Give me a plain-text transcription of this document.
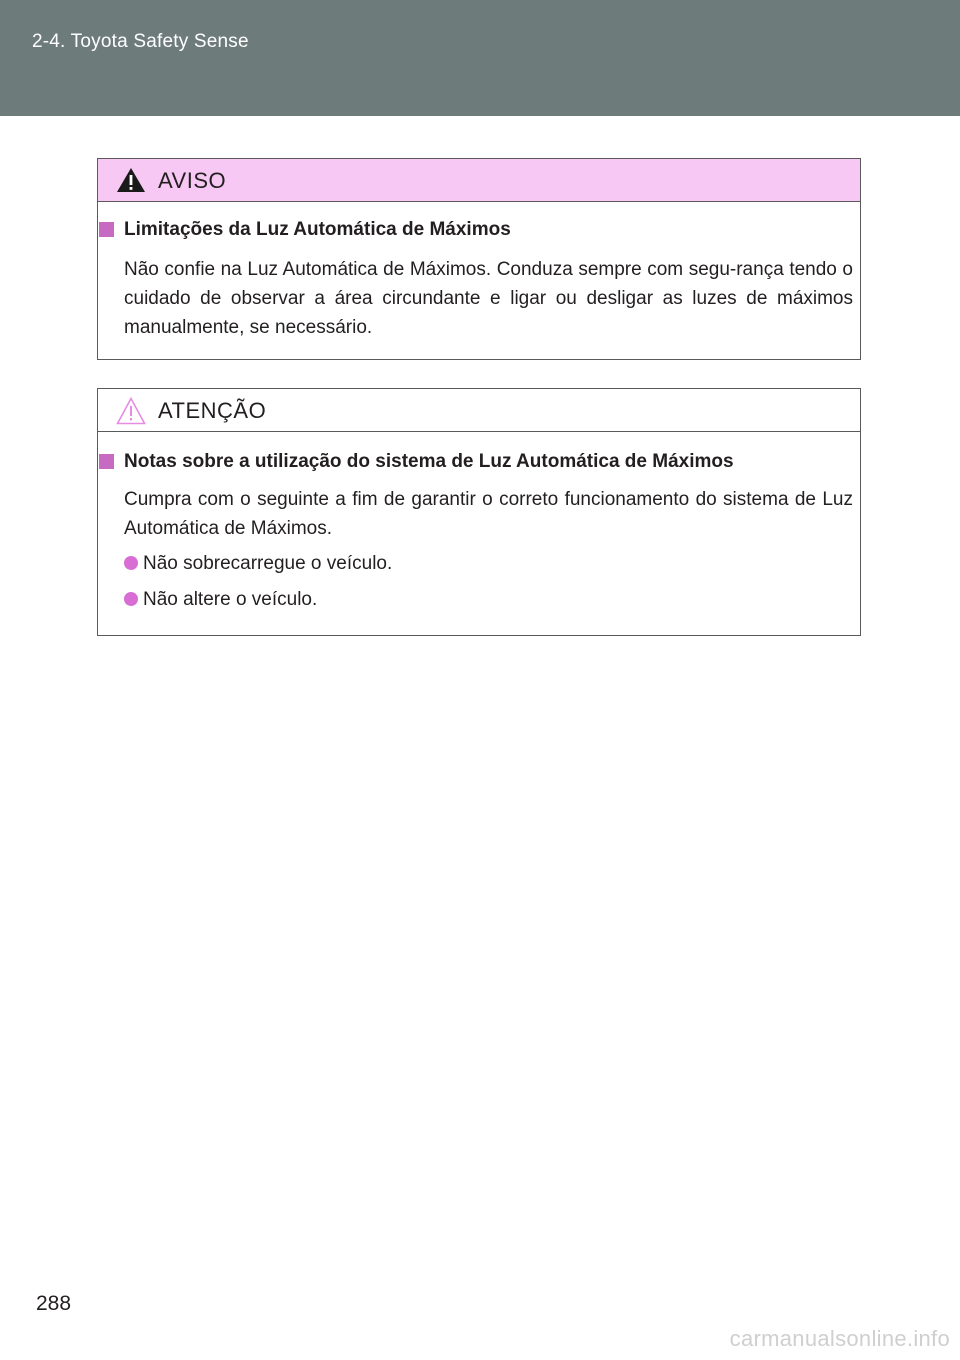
2-4. Toyota Safety Sense
AVISO
Limitações da Luz Automática de Máximos
Não confie na Luz Automática de Máximos. Conduza sempre com segu-rança tendo o cuidado de observar a área circundante e ligar ou desligar as luzes de máximos manualmente, se necessário.
ATENÇÃO
Notas sobre a utilização do sistema de Luz Automática de Máximos
Cumpra com o seguinte a fim de garantir o correto funcionamento do sistema de Luz Automática de Máximos.
Não sobrecarregue o veículo.
Não altere o veículo.
288
carmanualsonline.info
